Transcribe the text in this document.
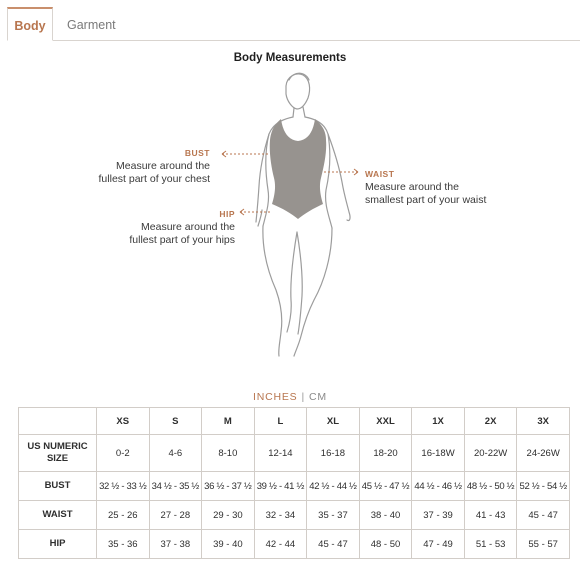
Body	Garment
Body Measurements
BUST
Measure around the
fullest part of your chest	WAIST
Measure around the
smallest part of your waist
HIP
Measure around the
fullest part of your hips
INCHES | CM
	XS	S	M	L	XL	XXL	1X	2X	3X

US NUMERIC
SIZE	0-2	4-6	8-10	12-14	16-18	18-20	16-18W	20-22W	24-26W
BUST	32 ½ - 33 ½	34 ½ - 35 ½	36 ½ - 37 ½	39 ½ - 41 ½	42 ½ - 44 ½	45 ½ - 47 ½	44 ½ - 46 ½	48 ½ - 50 ½	52 ½ - 54 ½
WAIST	25 - 26	27 - 28	29 - 30	32 - 34	35 - 37	38 - 40	37 - 39	41 - 43	45 - 47
HIP	35 - 36	37 - 38	39 - 40	42 - 44	45 - 47	48 - 50	47 - 49	51 - 53	55 - 57
